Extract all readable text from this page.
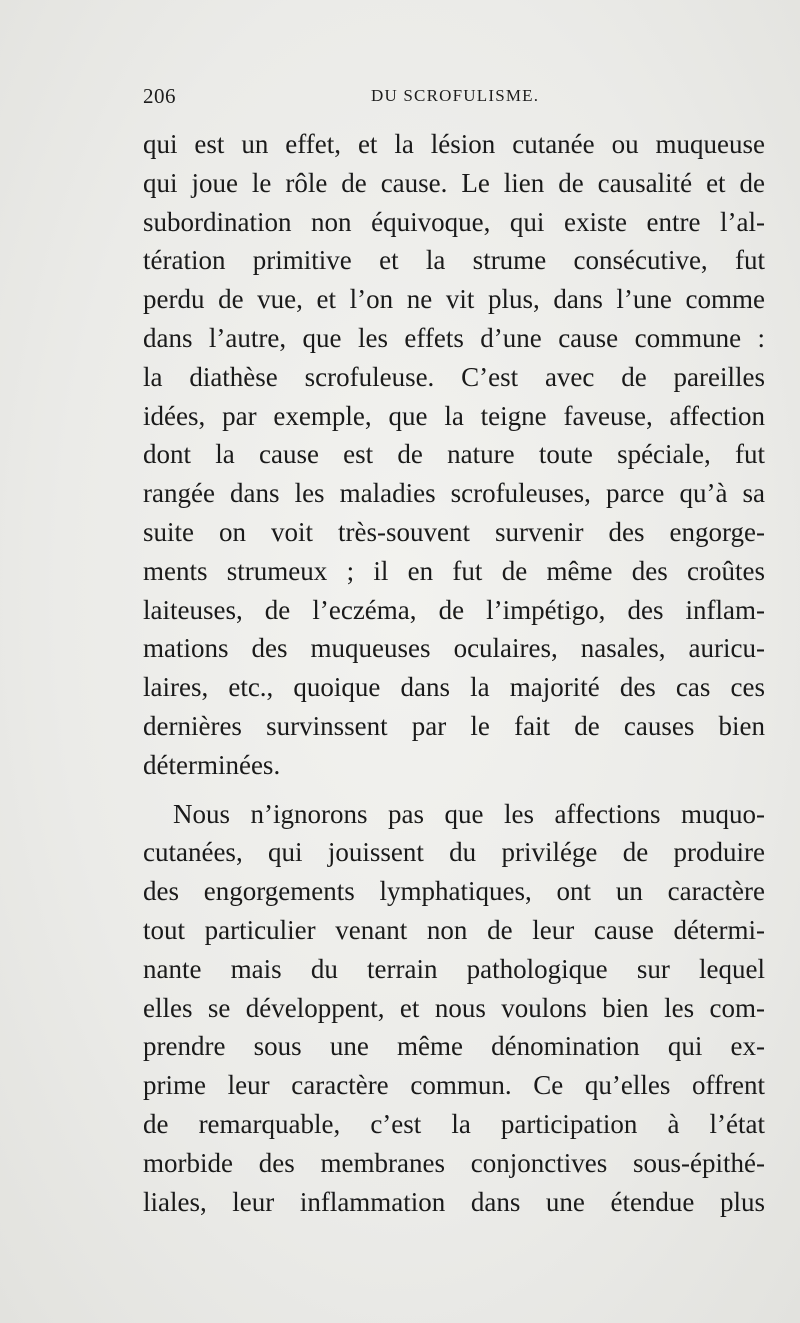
206	DU SCROFULISME.
qui est un effet, et la lésion cutanée ou muqueuse
qui joue le rôle de cause. Le lien de causalité et de
subordination non équivoque, qui existe entre l’al-
tération primitive et la strume consécutive, fut
perdu de vue, et l’on ne vit plus, dans l’une comme
dans l’autre, que les effets d’une cause commune :
la diathèse scrofuleuse. C’est avec de pareilles
idées, par exemple, que la teigne faveuse, affection
dont la cause est de nature toute spéciale, fut
rangée dans les maladies scrofuleuses, parce qu’à sa
suite on voit très-souvent survenir des engorge-
ments strumeux ; il en fut de même des croûtes
laiteuses, de l’eczéma, de l’impétigo, des inflam-
mations des muqueuses oculaires, nasales, auricu-
laires, etc., quoique dans la majorité des cas ces
dernières survinssent par le fait de causes bien
déterminées.
Nous n’ignorons pas que les affections muquo-
cutanées, qui jouissent du privilége de produire
des engorgements lymphatiques, ont un caractère
tout particulier venant non de leur cause détermi-
nante mais du terrain pathologique sur lequel
elles se développent, et nous voulons bien les com-
prendre sous une même dénomination qui ex-
prime leur caractère commun. Ce qu’elles offrent
de remarquable, c’est la participation à l’état
morbide des membranes conjonctives sous-épithé-
liales, leur inflammation dans une étendue plus
